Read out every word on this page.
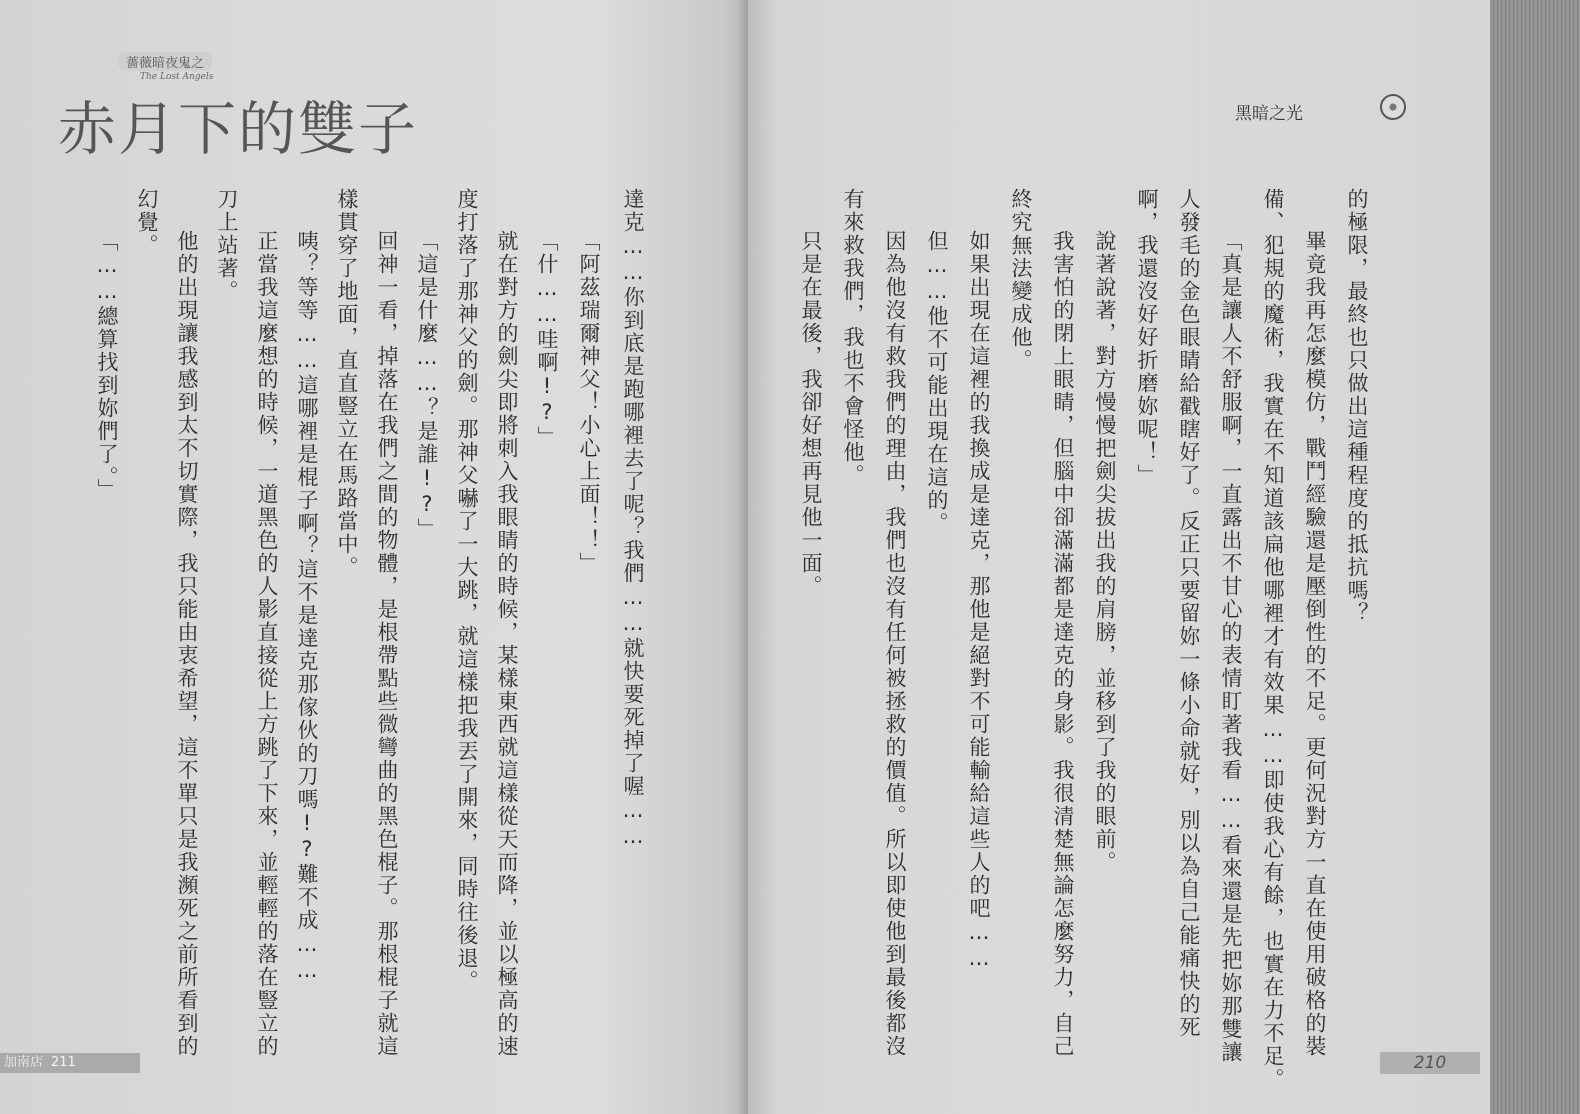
薔薇暗夜鬼之
The Lost Angels
赤月下的雙子
達克……你到底是跑哪裡去了呢？我們……就快要死掉了喔……
「阿茲瑞爾神父！小心上面！！」
「什……哇啊!?」
就在對方的劍尖即將刺入我眼睛的時候，某樣東西就這樣從天而降，並以極高的速
度打落了那神父的劍。那神父嚇了一大跳，就這樣把我丟了開來，同時往後退。
「這是什麼……？是誰!?」
回神一看，掉落在我們之間的物體，是根帶點些微彎曲的黑色棍子。那根棍子就這
樣貫穿了地面，直直豎立在馬路當中。
咦？等等……這哪裡是棍子啊？這不是達克那傢伙的刀嗎!?難不成……
正當我這麼想的時候，一道黑色的人影直接從上方跳了下來，並輕輕的落在豎立的
刀上站著。
他的出現讓我感到太不切實際，我只能由衷希望，這不單只是我瀕死之前所看到的
幻覺。
「……總算找到妳們了。」
加南店 211
黑暗之光
的極限，最終也只做出這種程度的抵抗嗎？
畢竟我再怎麼模仿，戰鬥經驗還是壓倒性的不足。更何況對方一直在使用破格的裝
備、犯規的魔術，我實在不知道該扁他哪裡才有效果……即使我心有餘，也實在力不足。
「真是讓人不舒服啊，一直露出不甘心的表情盯著我看……看來還是先把妳那雙讓
人發毛的金色眼睛給戳瞎好了。反正只要留妳一條小命就好，別以為自己能痛快的死
啊，我還沒好好折磨妳呢！」
說著說著，對方慢慢把劍尖拔出我的肩膀，並移到了我的眼前。
我害怕的閉上眼睛，但腦中卻滿滿都是達克的身影。我很清楚無論怎麼努力，自己
終究無法變成他。
如果出現在這裡的我換成是達克，那他是絕對不可能輸給這些人的吧……
但……他不可能出現在這的。
因為他沒有救我們的理由，我們也沒有任何被拯救的價值。所以即使他到最後都沒
有來救我們，我也不會怪他。
只是在最後，我卻好想再見他一面。
210
